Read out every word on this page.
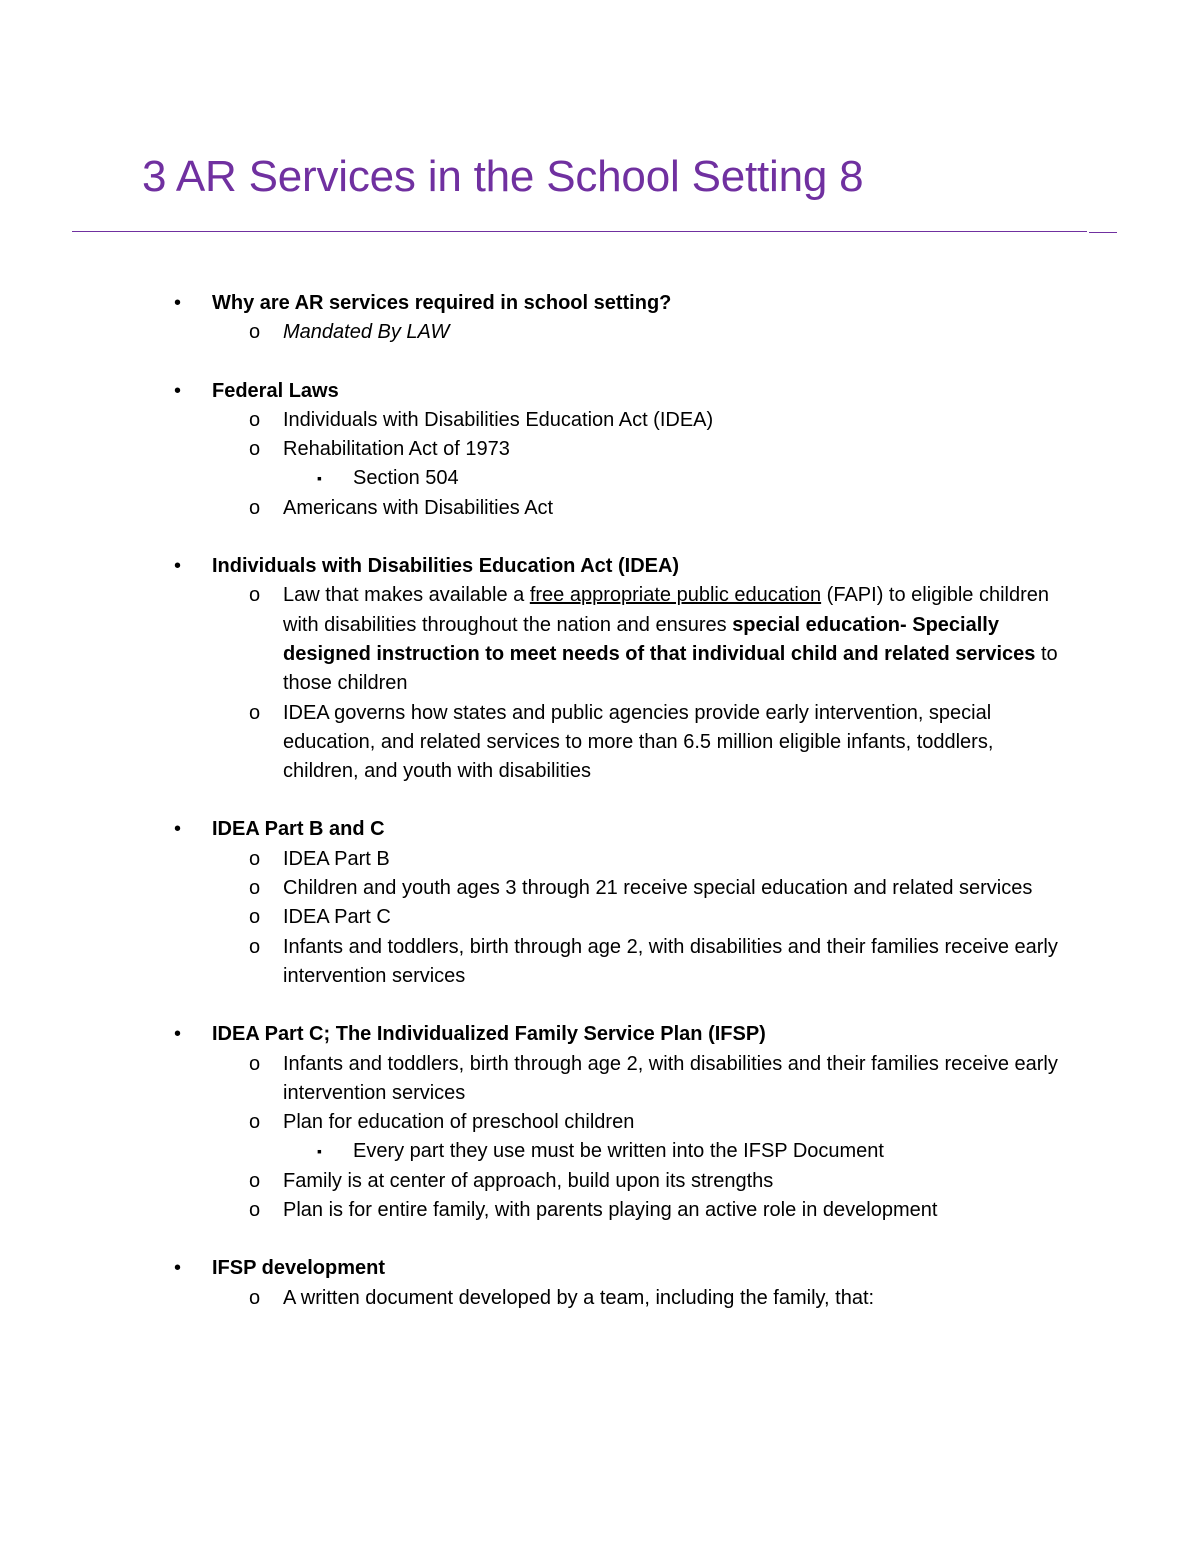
3 AR Services in the School Setting 8
• Why are AR services required in school setting?
o Mandated By LAW
• Federal Laws
o Individuals with Disabilities Education Act (IDEA)
o Rehabilitation Act of 1973
▪ Section 504
o Americans with Disabilities Act
• Individuals with Disabilities Education Act (IDEA)
o Law that makes available a free appropriate public education (FAPI) to eligible children with disabilities throughout the nation and ensures special education- Specially designed instruction to meet needs of that individual child and related services to those children
o IDEA governs how states and public agencies provide early intervention, special education, and related services to more than 6.5 million eligible infants, toddlers, children, and youth with disabilities
• IDEA Part B and C
o IDEA Part B
o Children and youth ages 3 through 21 receive special education and related services
o IDEA Part C
o Infants and toddlers, birth through age 2, with disabilities and their families receive early intervention services
• IDEA Part C; The Individualized Family Service Plan (IFSP)
o Infants and toddlers, birth through age 2, with disabilities and their families receive early intervention services
o Plan for education of preschool children
▪ Every part they use must be written into the IFSP Document
o Family is at center of approach, build upon its strengths
o Plan is for entire family, with parents playing an active role in development
• IFSP development
o A written document developed by a team, including the family, that:
